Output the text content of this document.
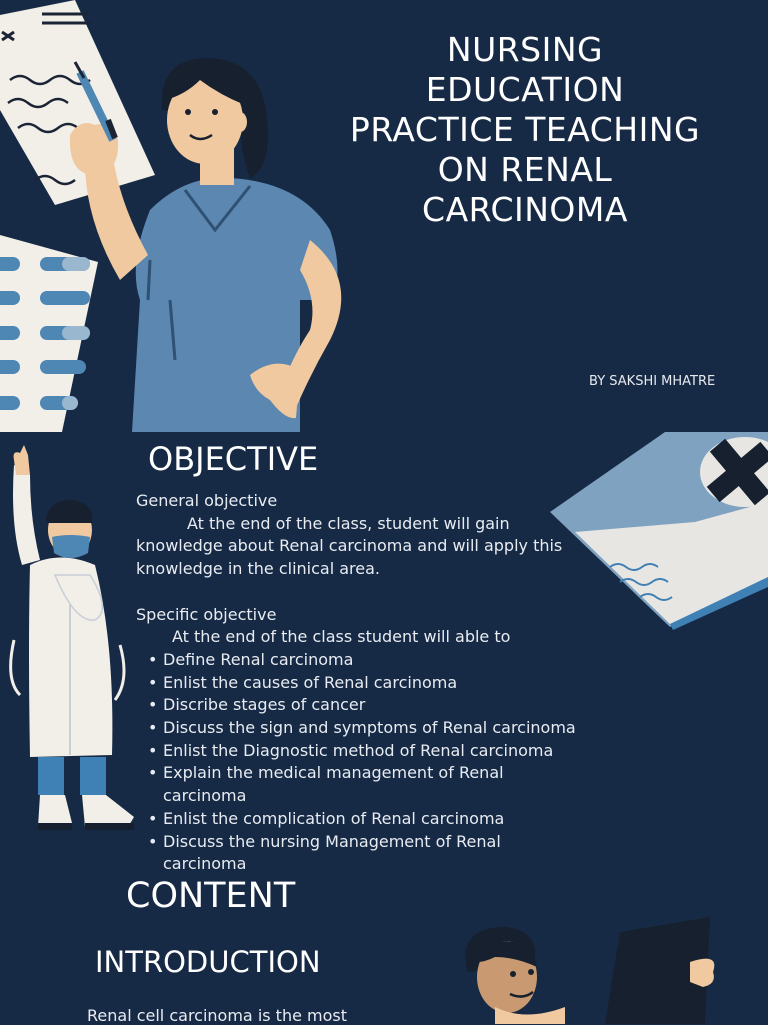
NURSING
EDUCATION
PRACTICE TEACHING
ON RENAL
CARCINOMA
BY SAKSHI MHATRE
OBJECTIVE

General objective

At the end of the class, student will gain knowledge about Renal carcinoma and will apply this knowledge in the clinical area.

Specific objective

At the end of the class student will able to

• Define Renal carcinoma
• Enlist the causes of Renal carcinoma
• Discribe stages of cancer
• Discuss the sign and symptoms of Renal carcinoma
• Enlist the Diagnostic method of Renal carcinoma
• Explain the medical management of Renal carcinoma
• Enlist the complication of Renal carcinoma
• Discuss the nursing Management of Renal carcinoma
CONTENT
INTRODUCTION
Renal cell carcinoma is the most
